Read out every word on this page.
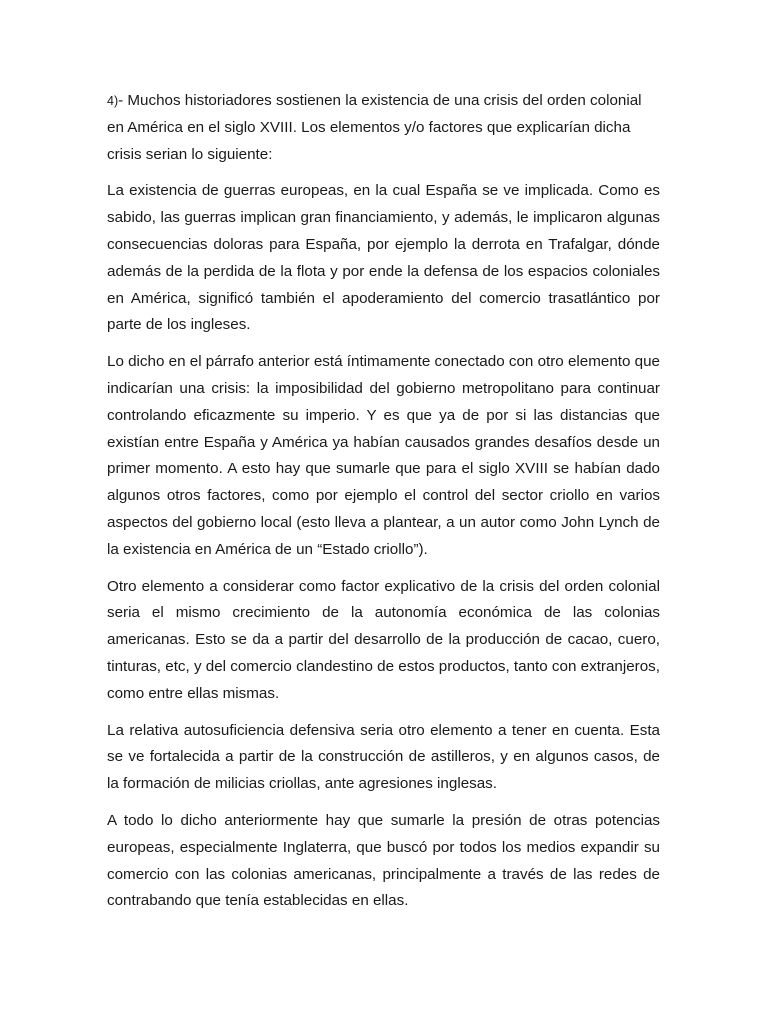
4)- Muchos historiadores sostienen la existencia de una crisis del orden colonial en América en el siglo XVIII. Los elementos y/o factores que explicarían dicha crisis serian lo siguiente:

La existencia de guerras europeas, en la cual España se ve implicada. Como es sabido, las guerras implican gran financiamiento, y además, le implicaron algunas consecuencias doloras para España, por ejemplo la derrota en Trafalgar, dónde además de la perdida de la flota y por ende la defensa de los espacios coloniales en América, significó también el apoderamiento del comercio trasatlántico por parte de los ingleses.

Lo dicho en el párrafo anterior está íntimamente conectado con otro elemento que indicarían una crisis: la imposibilidad del gobierno metropolitano para continuar controlando eficazmente su imperio. Y es que ya de por si las distancias que existían entre España y América ya habían causados grandes desafíos desde un primer momento. A esto hay que sumarle que para el siglo XVIII se habían dado algunos otros factores, como por ejemplo el control del sector criollo en varios aspectos del gobierno local (esto lleva a plantear, a un autor como John Lynch de la existencia en América de un “Estado criollo”).

Otro elemento a considerar como factor explicativo de la crisis del orden colonial seria el mismo crecimiento de la autonomía económica de las colonias americanas. Esto se da a partir del desarrollo de la producción de cacao, cuero, tinturas, etc, y del comercio clandestino de estos productos, tanto con extranjeros, como entre ellas mismas.

La relativa autosuficiencia defensiva seria otro elemento a tener en cuenta. Esta se ve fortalecida a partir de la construcción de astilleros, y en algunos casos, de la formación de milicias criollas, ante agresiones inglesas.

A todo lo dicho anteriormente hay que sumarle la presión de otras potencias europeas, especialmente Inglaterra, que buscó por todos los medios expandir su comercio con las colonias americanas, principalmente a través de las redes de contrabando que tenía establecidas en ellas.
